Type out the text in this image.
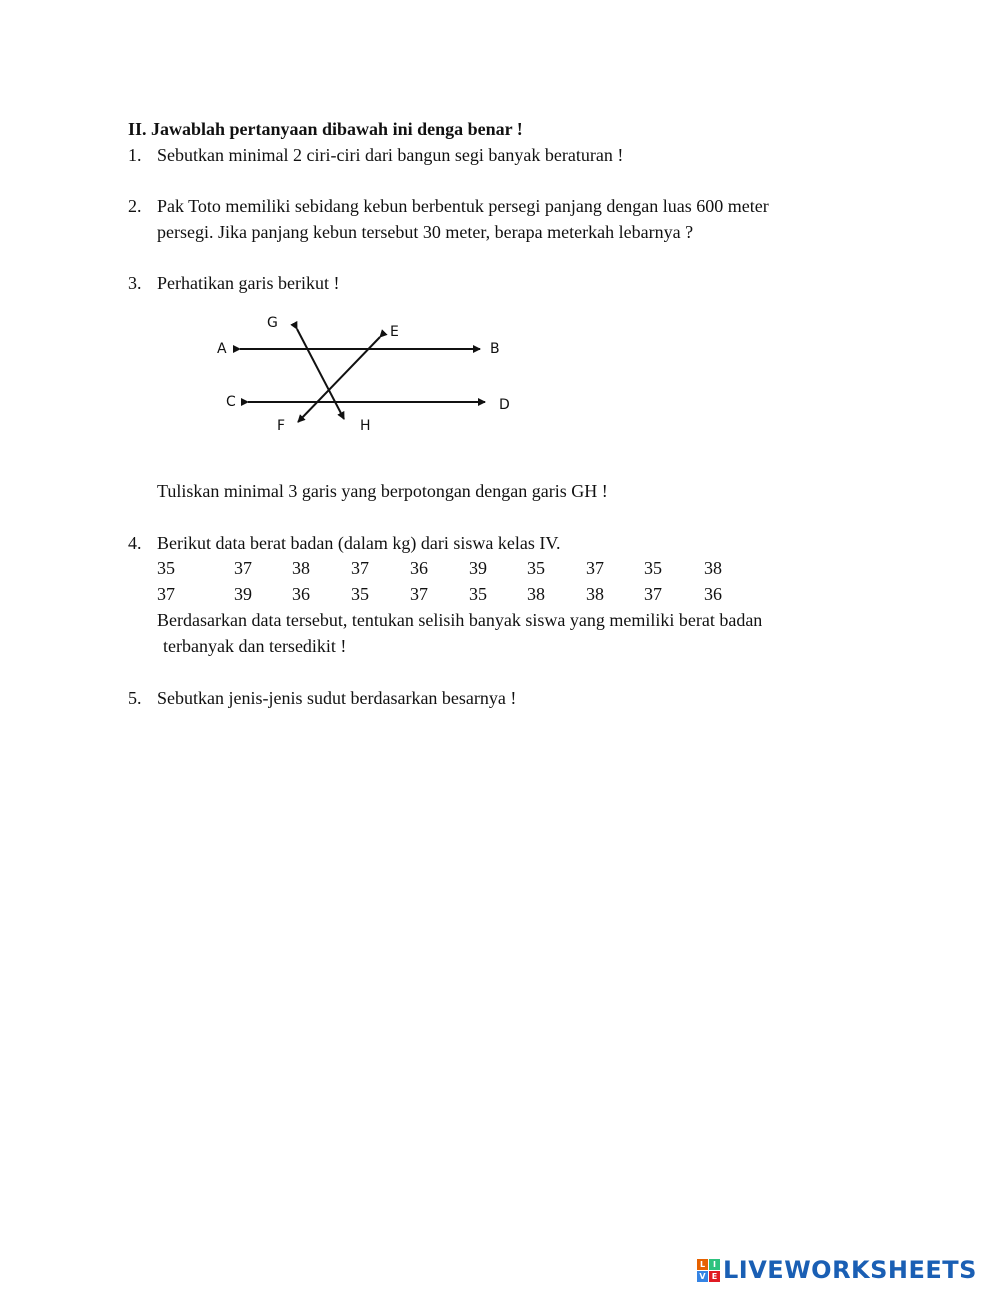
II. Jawablah pertanyaan dibawah ini denga benar !
1. Sebutkan minimal 2 ciri-ciri dari bangun segi banyak beraturan !
2. Pak Toto memiliki sebidang kebun berbentuk persegi panjang dengan luas 600 meter
persegi. Jika panjang kebun tersebut 30 meter, berapa meterkah lebarnya ?
3. Perhatikan garis berikut !
A	B
C	D
E
F
G
H
Tuliskan minimal 3 garis yang berpotongan dengan garis GH !
4. Berikut data berat badan (dalam kg) dari siswa kelas IV.
35	37 38 37 36 39 35 37 35 38
37	39 36 35 37 35 38 38 37 36
Berdasarkan data tersebut, tentukan selisih banyak siswa yang memiliki berat badan
terbanyak dan tersedikit !
5. Sebutkan jenis-jenis sudut berdasarkan besarnya !
L I
V E LIVEWORKSHEETS
